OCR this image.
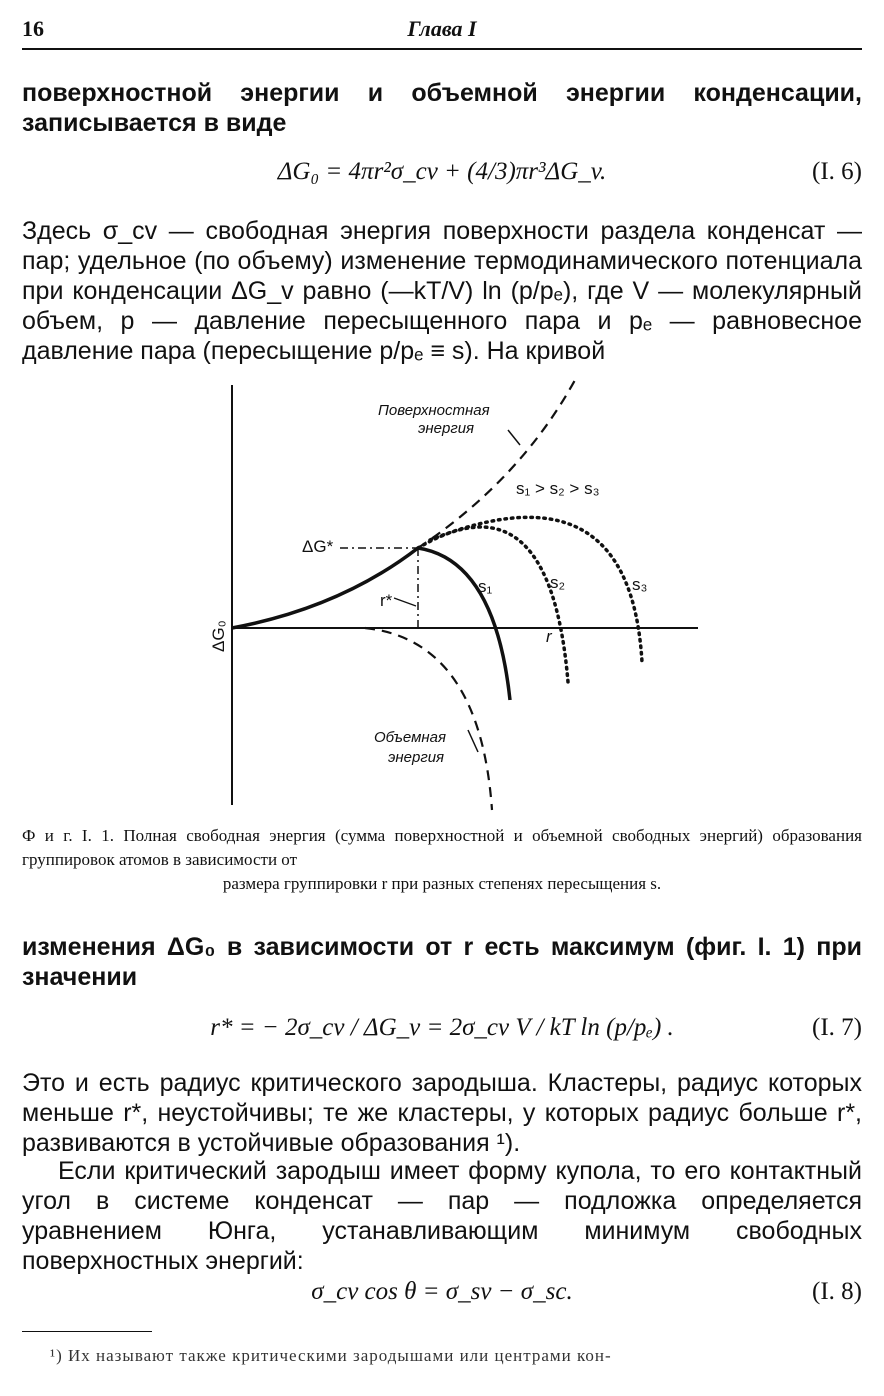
16	Глава I
поверхностной энергии и объемной энергии конденсации, записывается в виде
ΔG₀ = 4πr²σ_cv + (4/3)πr³ΔG_v.	(I. 6)
Здесь σ_cv — свободная энергия поверхности раздела конденсат — пар; удельное (по объему) изменение термодинамического потенциала при конденсации ΔG_v равно (—kT/V) ln (p/pₑ), где V — молекулярный объем, p — давление пересыщенного пара и pₑ — равновесное давление пара (пересыщение p/pₑ ≡ s). На кривой
Поверхностная
энергия
s₁ > s₂ > s₃
ΔG*
r*
s₁	s₂	s₃
r
Объемная
энергия
ΔG₀
Ф и г. I. 1. Полная свободная энергия (сумма поверхностной и объемной свободных энергий) образования группировок атомов в зависимости от
размера группировки r при разных степенях пересыщения s.
изменения ΔG₀ в зависимости от r есть максимум (фиг. I. 1) при значении
r* = − 2σ_cv / ΔG_v = 2σ_cv V / kT ln (p/pₑ) .	(I. 7)
Это и есть радиус критического зародыша. Кластеры, радиус которых меньше r*, неустойчивы; те же кластеры, у которых радиус больше r*, развиваются в устойчивые образования ¹).
Если критический зародыш имеет форму купола, то его контактный угол в системе конденсат — пар — подложка определяется уравнением Юнга, устанавливающим минимум свободных поверхностных энергий:
σ_cv cos θ = σ_sv − σ_sc.	(I. 8)
¹) Их называют также критическими зародышами или центрами кон-
